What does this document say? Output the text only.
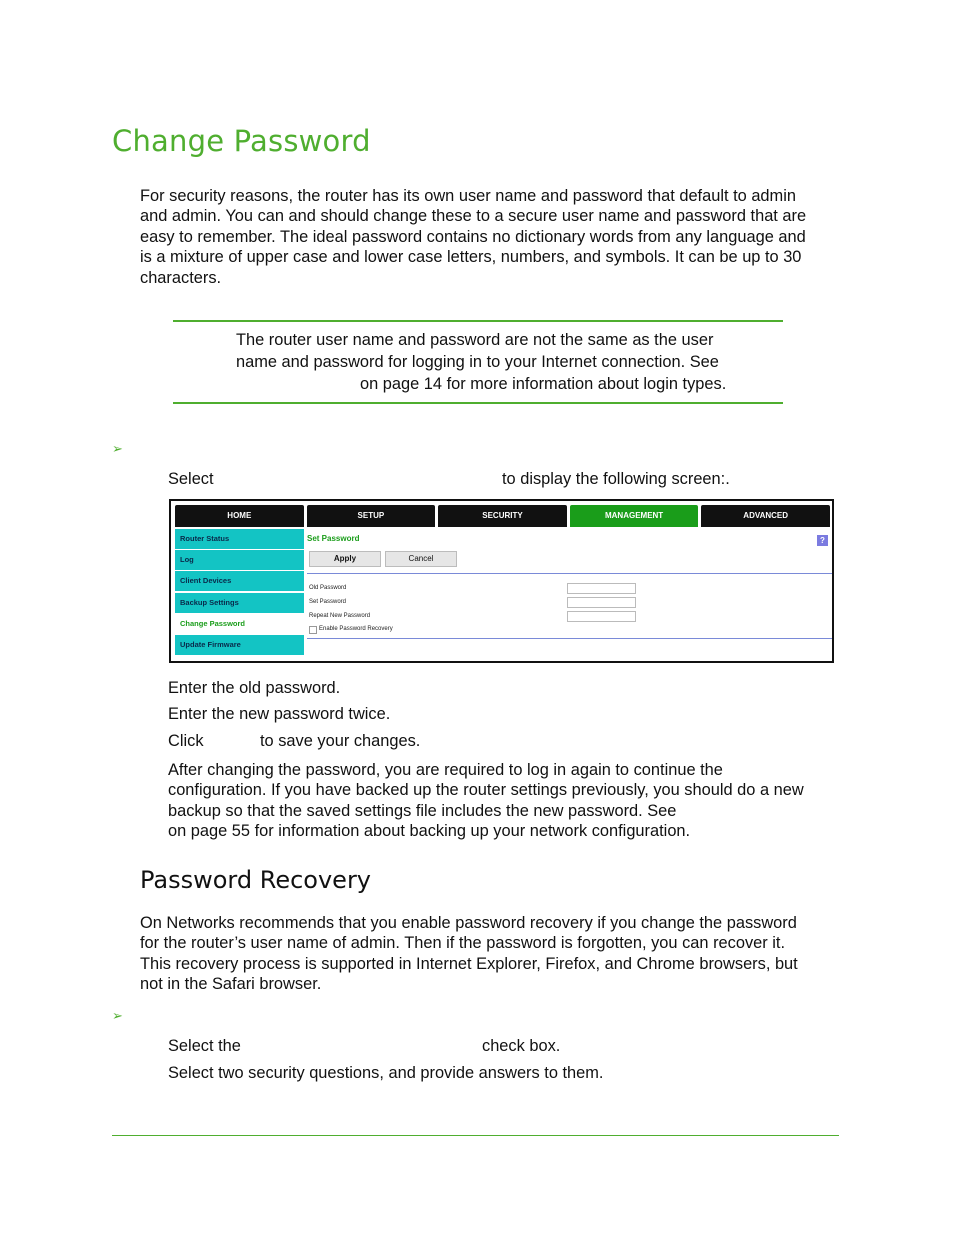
Change Password
For security reasons, the router has its own user name and password that default to admin
and admin. You can and should change these to a secure user name and password that are
easy to remember. The ideal password contains no dictionary words from any language and
is a mixture of upper case and lower case letters, numbers, and symbols. It can be up to 30
characters.
The router user name and password are not the same as the user
name and password for logging in to your Internet connection. See
on page 14 for more information about login types.
➢
Select	to display the following screen:.
HOME	SETUP	SECURITY	MANAGEMENT	ADVANCED
Router Status
Log
Client Devices
Backup Settings
Change Password
Update Firmware
Set Password	?
Apply	Cancel
Old Password
Set Password
Repeat New Password
Enable Password Recovery
Enter the old password.
Enter the new password twice.
Click	to save your changes.
After changing the password, you are required to log in again to continue the
configuration. If you have backed up the router settings previously, you should do a new
backup so that the saved settings file includes the new password. See
on page 55 for information about backing up your network configuration.
Password Recovery
On Networks recommends that you enable password recovery if you change the password
for the router’s user name of admin. Then if the password is forgotten, you can recover it.
This recovery process is supported in Internet Explorer, Firefox, and Chrome browsers, but
not in the Safari browser.
➢
Select the	check box.
Select two security questions, and provide answers to them.
